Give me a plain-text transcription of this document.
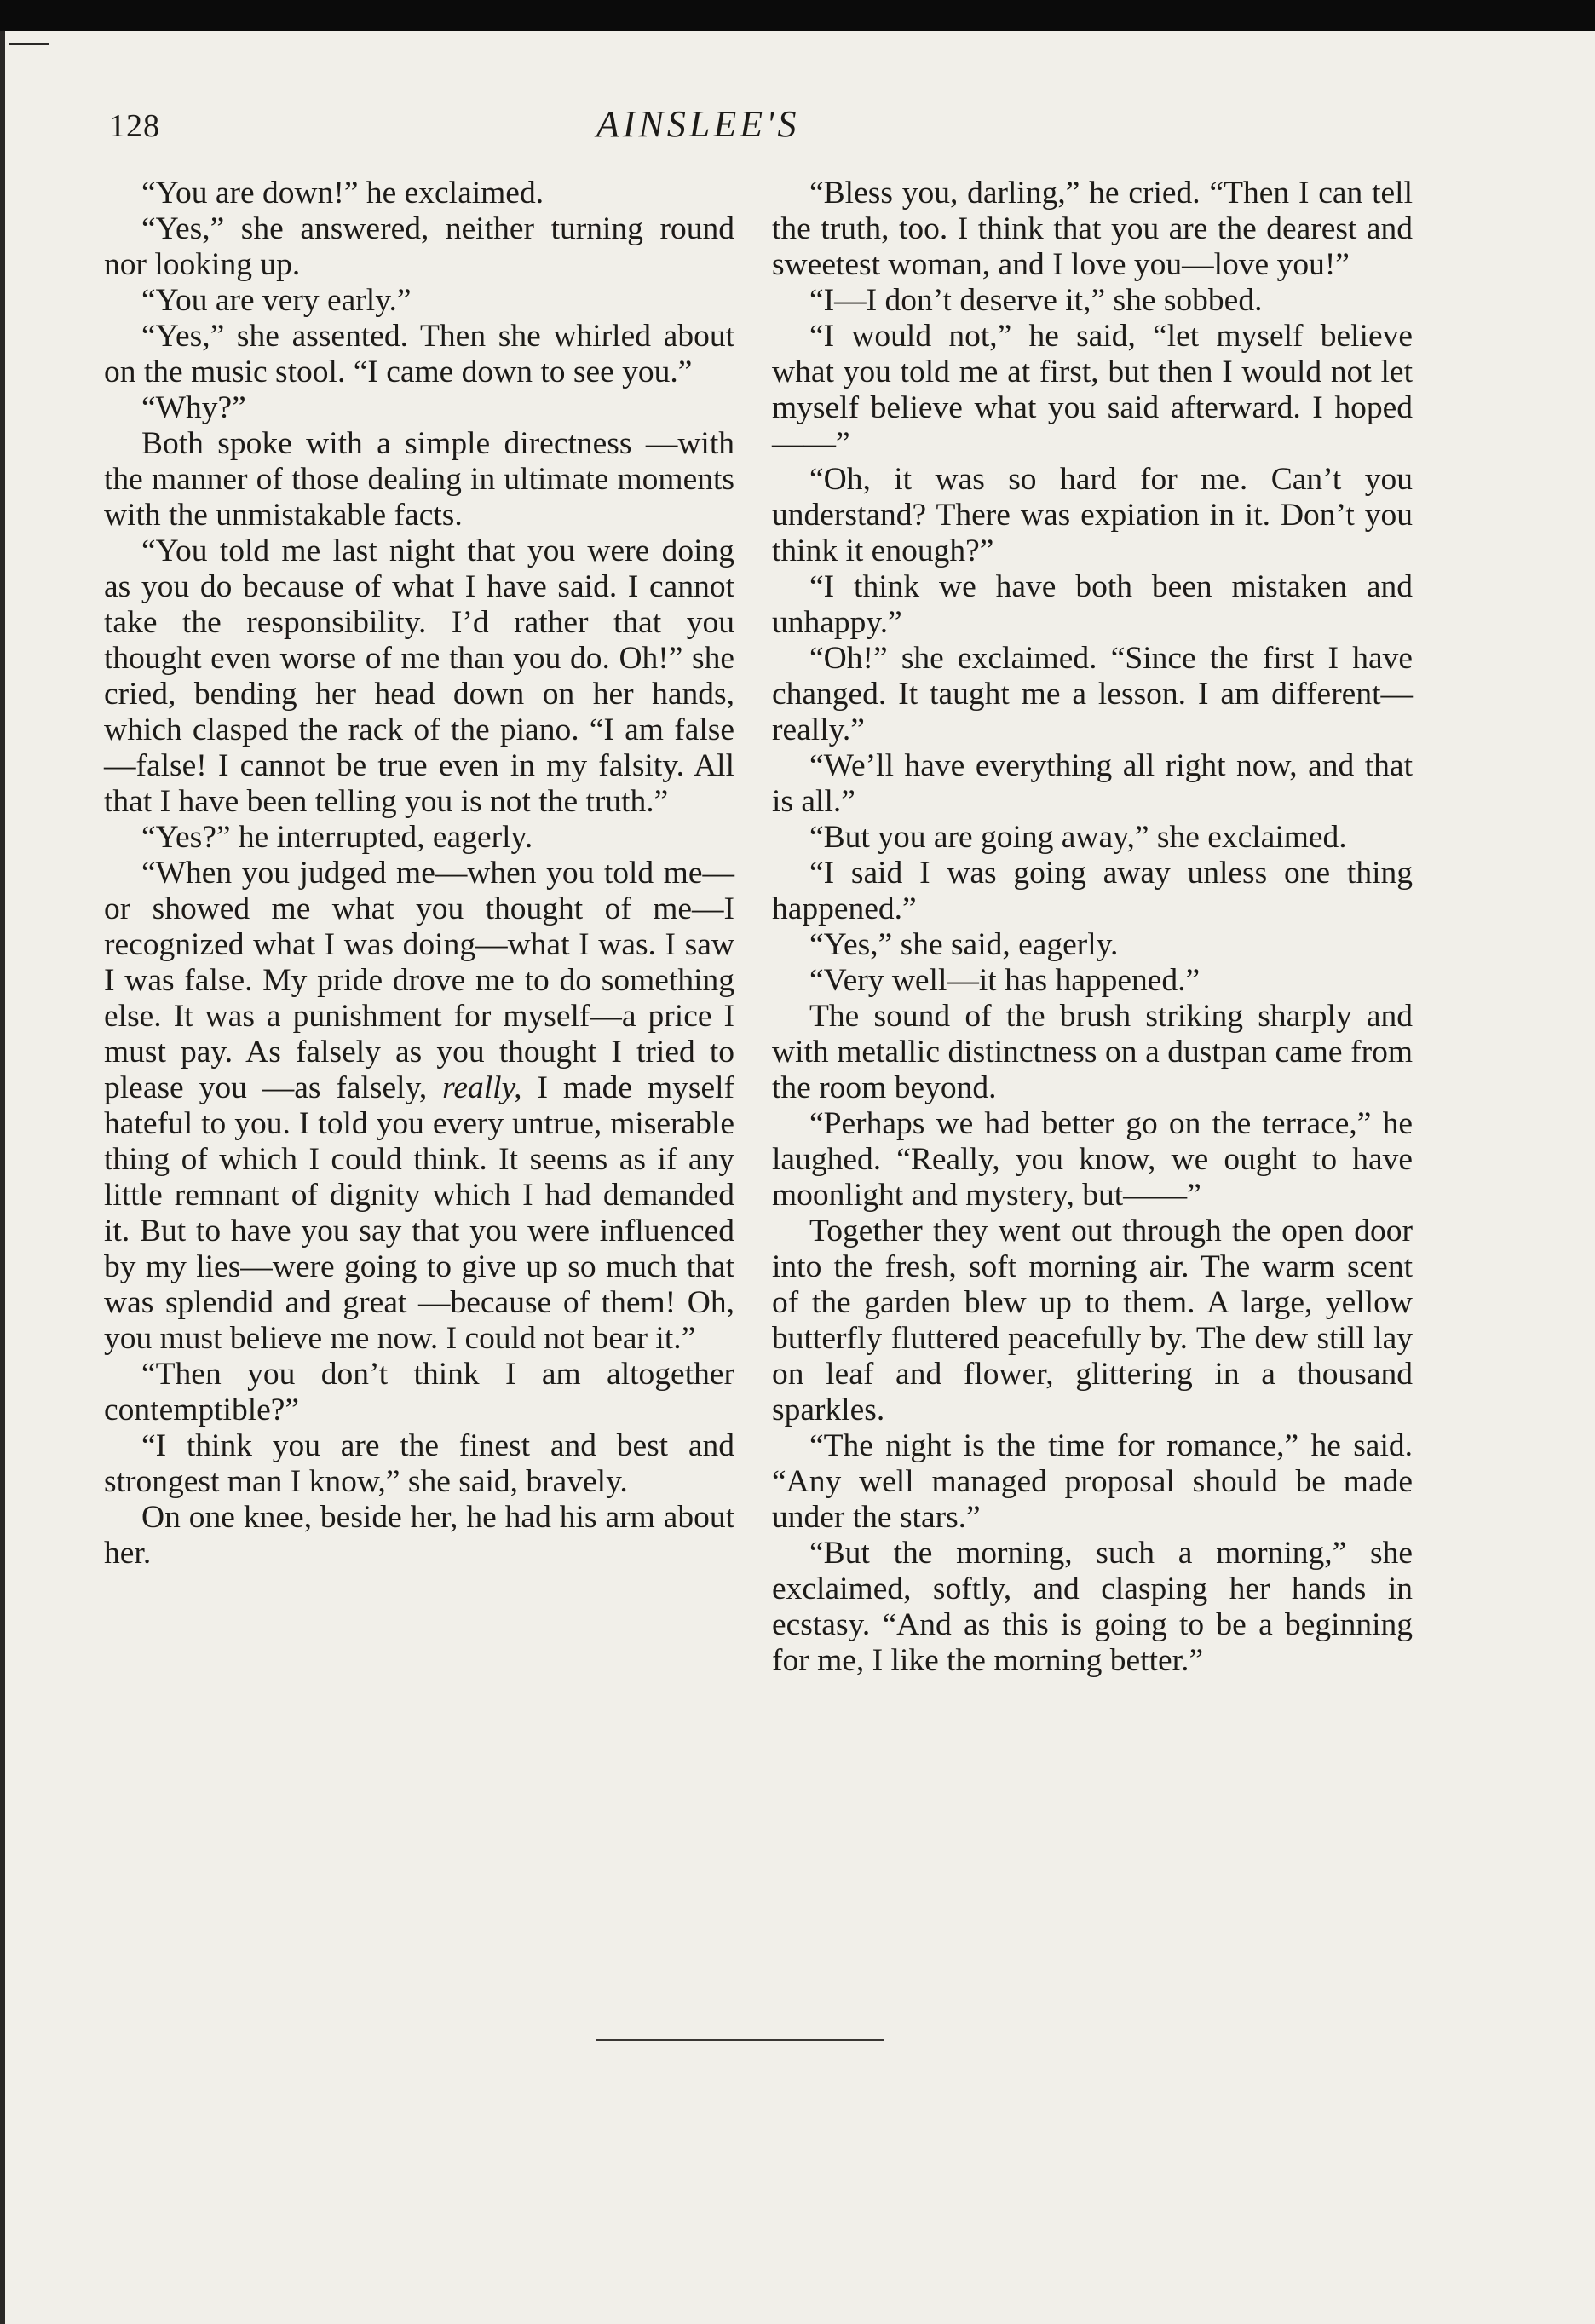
128	AINSLEE'S

“You are down!” he exclaimed.

“Yes,” she answered, neither turning round nor looking up.

“You are very early.”

“Yes,” she assented. Then she whirled about on the music stool. “I came down to see you.”

“Why?”

Both spoke with a simple directness —with the manner of those dealing in ultimate moments with the unmistakable facts.

“You told me last night that you were doing as you do because of what I have said. I cannot take the responsibility. I’d rather that you thought even worse of me than you do. Oh!” she cried, bending her head down on her hands, which clasped the rack of the piano. “I am false—false! I cannot be true even in my falsity. All that I have been telling you is not the truth.”

“Yes?” he interrupted, eagerly.

“When you judged me—when you told me—or showed me what you thought of me—I recognized what I was doing—what I was. I saw I was false. My pride drove me to do something else. It was a punishment for myself—a price I must pay. As falsely as you thought I tried to please you —as falsely, really, I made myself hateful to you. I told you every untrue, miserable thing of which I could think. It seems as if any little remnant of dignity which I had demanded it. But to have you say that you were influenced by my lies—were going to give up so much that was splendid and great —because of them! Oh, you must believe me now. I could not bear it.”

“Then you don’t think I am altogether contemptible?”

“I think you are the finest and best and strongest man I know,” she said, bravely.

On one knee, beside her, he had his arm about her.

“Bless you, darling,” he cried. “Then I can tell the truth, too. I think that you are the dearest and sweetest woman, and I love you—love you!”

“I—I don’t deserve it,” she sobbed.

“I would not,” he said, “let myself believe what you told me at first, but then I would not let myself believe what you said afterward. I hoped——”

“Oh, it was so hard for me. Can’t you understand? There was expiation in it. Don’t you think it enough?”

“I think we have both been mistaken and unhappy.”

“Oh!” she exclaimed. “Since the first I have changed. It taught me a lesson. I am different—really.”

“We’ll have everything all right now, and that is all.”

“But you are going away,” she exclaimed.

“I said I was going away unless one thing happened.”

“Yes,” she said, eagerly.

“Very well—it has happened.”

The sound of the brush striking sharply and with metallic distinctness on a dustpan came from the room beyond.

“Perhaps we had better go on the terrace,” he laughed. “Really, you know, we ought to have moonlight and mystery, but——”

Together they went out through the open door into the fresh, soft morning air. The warm scent of the garden blew up to them. A large, yellow butterfly fluttered peacefully by. The dew still lay on leaf and flower, glittering in a thousand sparkles.

“The night is the time for romance,” he said. “Any well managed proposal should be made under the stars.”

“But the morning, such a morning,” she exclaimed, softly, and clasping her hands in ecstasy. “And as this is going to be a beginning for me, I like the morning better.”
